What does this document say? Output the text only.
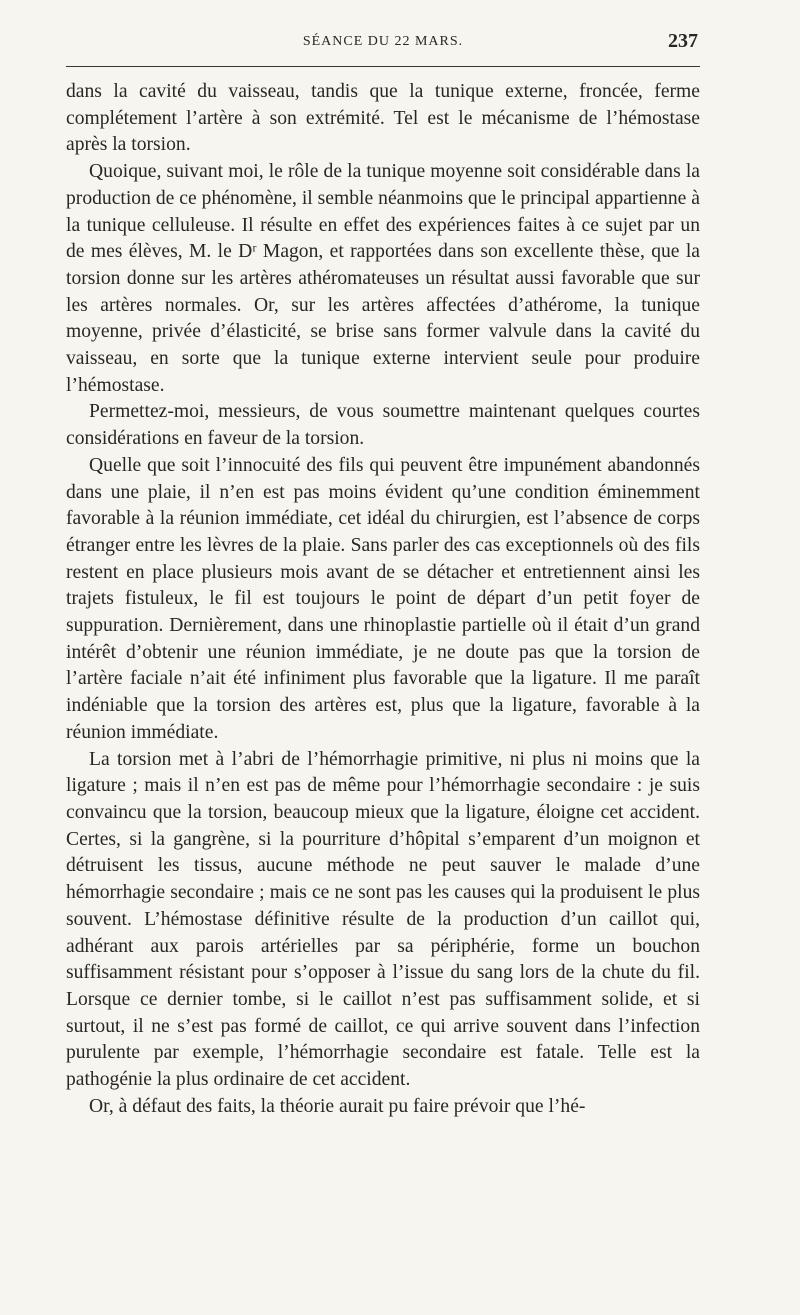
SÉANCE DU 22 MARS.	237

dans la cavité du vaisseau, tandis que la tunique externe, froncée, ferme complétement l’artère à son extrémité. Tel est le mécanisme de l’hémostase après la torsion.

Quoique, suivant moi, le rôle de la tunique moyenne soit considérable dans la production de ce phénomène, il semble néanmoins que le principal appartienne à la tunique celluleuse. Il résulte en effet des expériences faites à ce sujet par un de mes élèves, M. le Dʳ Magon, et rapportées dans son excellente thèse, que la torsion donne sur les artères athéromateuses un résultat aussi favorable que sur les artères normales. Or, sur les artères affectées d’athérome, la tunique moyenne, privée d’élasticité, se brise sans former valvule dans la cavité du vaisseau, en sorte que la tunique externe intervient seule pour produire l’hémostase.

Permettez-moi, messieurs, de vous soumettre maintenant quelques courtes considérations en faveur de la torsion.

Quelle que soit l’innocuité des fils qui peuvent être impunément abandonnés dans une plaie, il n’en est pas moins évident qu’une condition éminemment favorable à la réunion immédiate, cet idéal du chirurgien, est l’absence de corps étranger entre les lèvres de la plaie. Sans parler des cas exceptionnels où des fils restent en place plusieurs mois avant de se détacher et entretiennent ainsi les trajets fistuleux, le fil est toujours le point de départ d’un petit foyer de suppuration. Dernièrement, dans une rhinoplastie partielle où il était d’un grand intérêt d’obtenir une réunion immédiate, je ne doute pas que la torsion de l’artère faciale n’ait été infiniment plus favorable que la ligature. Il me paraît indéniable que la torsion des artères est, plus que la ligature, favorable à la réunion immédiate.

La torsion met à l’abri de l’hémorrhagie primitive, ni plus ni moins que la ligature ; mais il n’en est pas de même pour l’hémorrhagie secondaire : je suis convaincu que la torsion, beaucoup mieux que la ligature, éloigne cet accident. Certes, si la gangrène, si la pourriture d’hôpital s’emparent d’un moignon et détruisent les tissus, aucune méthode ne peut sauver le malade d’une hémorrhagie secondaire ; mais ce ne sont pas les causes qui la produisent le plus souvent. L’hémostase définitive résulte de la production d’un caillot qui, adhérant aux parois artérielles par sa périphérie, forme un bouchon suffisamment résistant pour s’opposer à l’issue du sang lors de la chute du fil. Lorsque ce dernier tombe, si le caillot n’est pas suffisamment solide, et si surtout, il ne s’est pas formé de caillot, ce qui arrive souvent dans l’infection purulente par exemple, l’hémorrhagie secondaire est fatale. Telle est la pathogénie la plus ordinaire de cet accident.

Or, à défaut des faits, la théorie aurait pu faire prévoir que l’hé-
